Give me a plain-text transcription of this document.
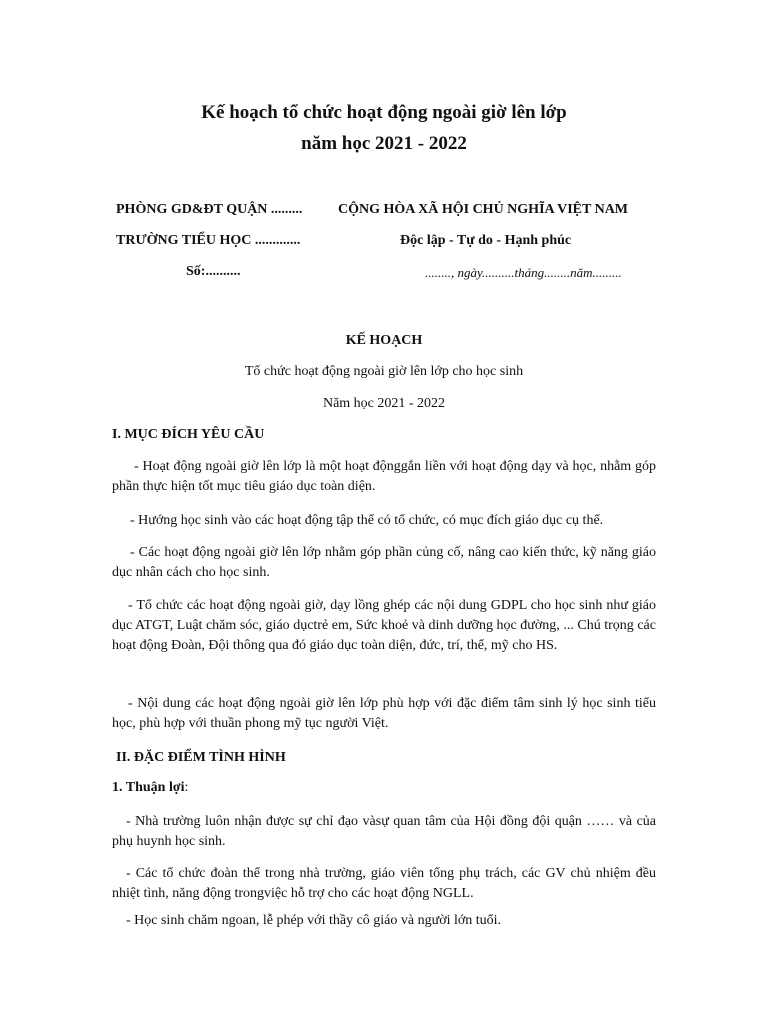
Kế hoạch tổ chức hoạt động ngoài giờ lên lớp
năm học 2021 - 2022
PHÒNG GD&ĐT QUẬN .........	CỘNG HÒA XÃ HỘI CHỦ NGHĨA VIỆT NAM
TRƯỜNG TIỂU HỌC .............	Độc lập - Tự do - Hạnh phúc
Số:..........	........, ngày..........tháng........năm.........
KẾ HOẠCH
Tổ chức hoạt động ngoài giờ lên lớp cho học sinh
Năm học 2021 - 2022
I. MỤC ĐÍCH YÊU CẦU
- Hoạt động ngoài giờ lên lớp là một hoạt độnggắn liền với hoạt động dạy và học, nhằm góp phần thực hiện tốt mục tiêu giáo dục toàn diện.
- Hướng học sinh vào các hoạt động tập thể có tổ chức, có mục đích giáo dục cụ thể.
- Các hoạt động ngoài giờ lên lớp nhằm góp phần củng cố, nâng cao kiến thức, kỹ năng giáo dục nhân cách cho học sinh.
- Tổ chức các hoạt động ngoài giờ, dạy lồng ghép các nội dung GDPL cho học sinh như giáo dục ATGT, Luật chăm sóc, giáo dụctrẻ em, Sức khoẻ và dinh dưỡng học đường, ... Chú trọng các hoạt động Đoàn, Đội thông qua đó giáo dục toàn diện, đức, trí, thể, mỹ cho HS.
- Nội dung các hoạt động ngoài giờ lên lớp phù hợp với đặc điểm tâm sinh lý học sinh tiểu học, phù hợp với thuần phong mỹ tục người Việt.
II. ĐẶC ĐIỂM TÌNH HÌNH
1. Thuận lợi:
- Nhà trường luôn nhận được sự chỉ đạo vàsự quan tâm của Hội đồng đội quận …… và của phụ huynh học sinh.
- Các tổ chức đoàn thể trong nhà trường, giáo viên tổng phụ trách, các GV chủ nhiệm đều nhiệt tình, năng động trongviệc hỗ trợ cho các hoạt động NGLL.
- Học sinh chăm ngoan, lễ phép với thầy cô giáo và người lớn tuổi.
